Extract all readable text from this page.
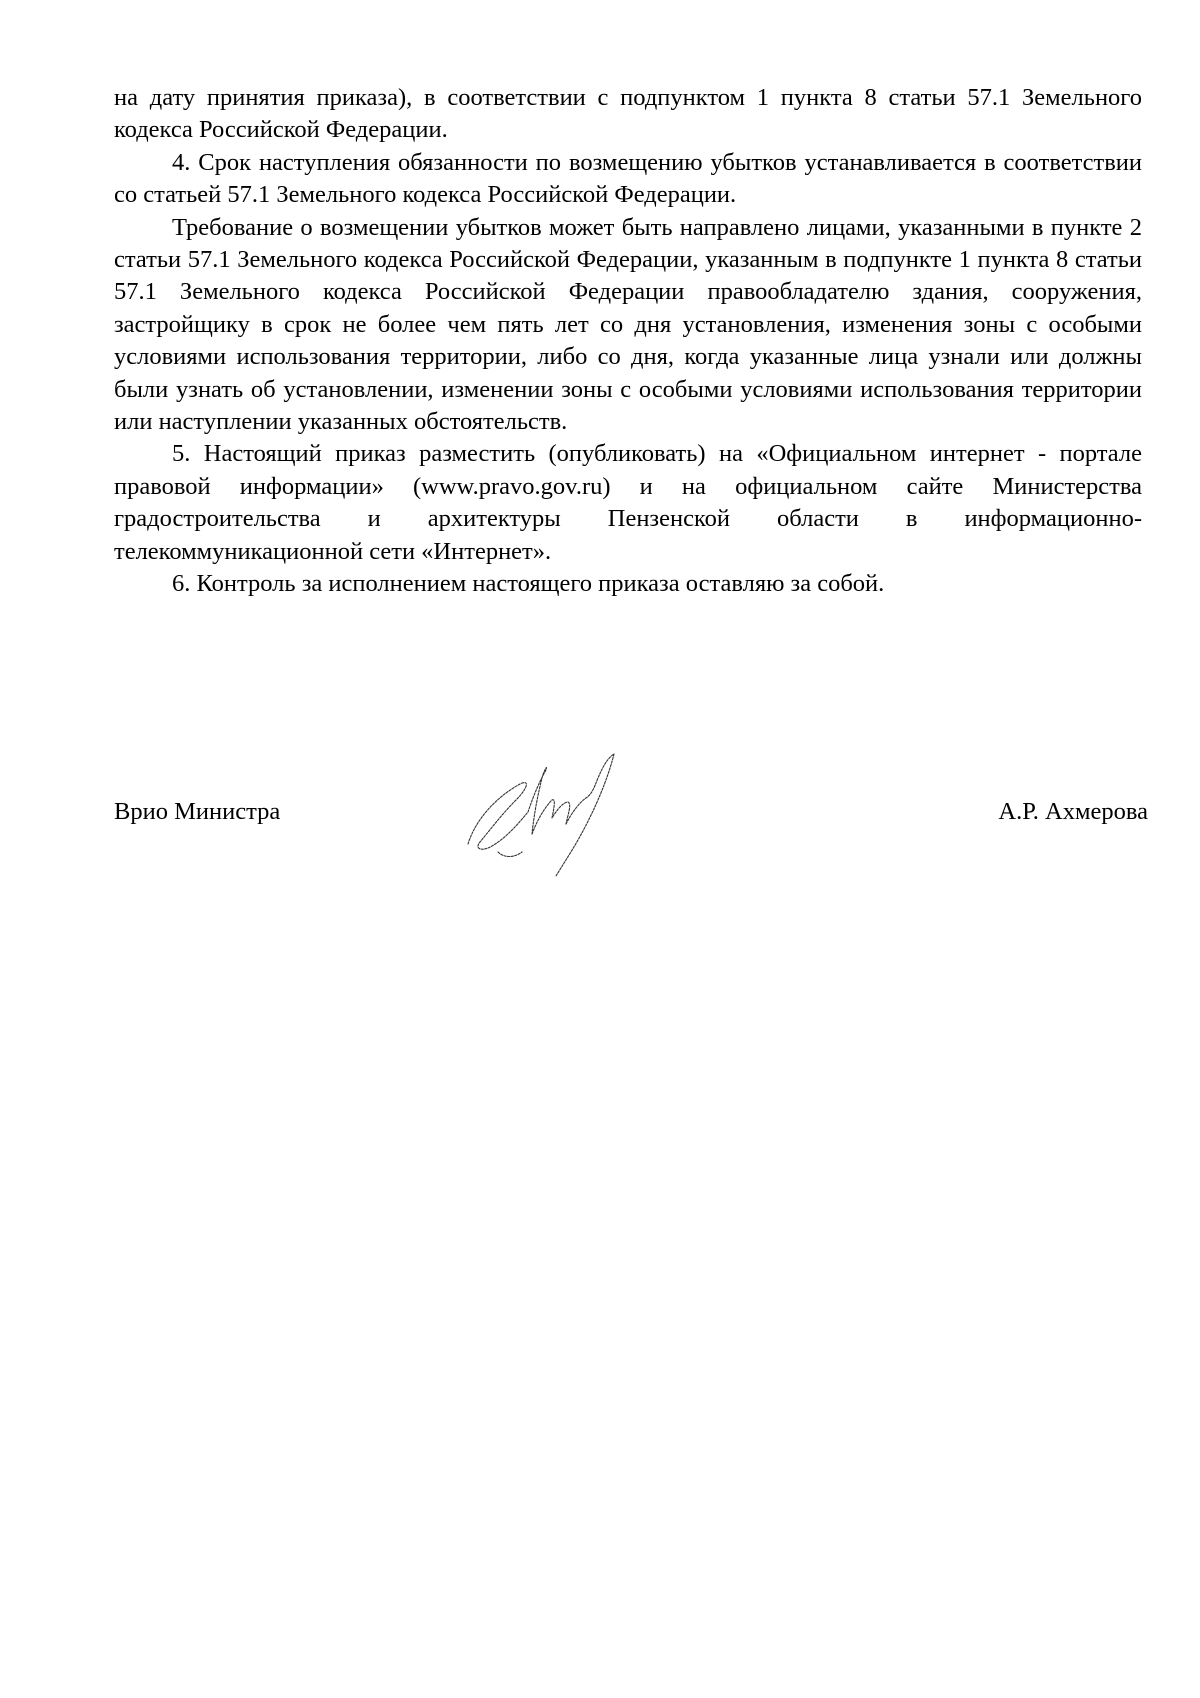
на дату принятия приказа), в соответствии с подпунктом 1 пункта 8 статьи 57.1 Земельного кодекса Российской Федерации.

4. Срок наступления обязанности по возмещению убытков устанавливается в соответствии со статьей 57.1 Земельного кодекса Российской Федерации.

Требование о возмещении убытков может быть направлено лицами, указанными в пункте 2 статьи 57.1 Земельного кодекса Российской Федерации, указанным в подпункте 1 пункта 8 статьи 57.1 Земельного кодекса Российской Федерации правообладателю здания, сооружения, застройщику в срок не более чем пять лет со дня установления, изменения зоны с особыми условиями использования территории, либо со дня, когда указанные лица узнали или должны были узнать об установлении, изменении зоны с особыми условиями использования территории или наступлении указанных обстоятельств.

5. Настоящий приказ разместить (опубликовать) на «Официальном интернет - портале правовой информации» (www.pravo.gov.ru) и на официальном сайте Министерства градостроительства и архитектуры Пензенской области в информационно-телекоммуникационной сети «Интернет».

6. Контроль за исполнением настоящего приказа оставляю за собой.

Врио Министра	А.Р. Ахмерова
